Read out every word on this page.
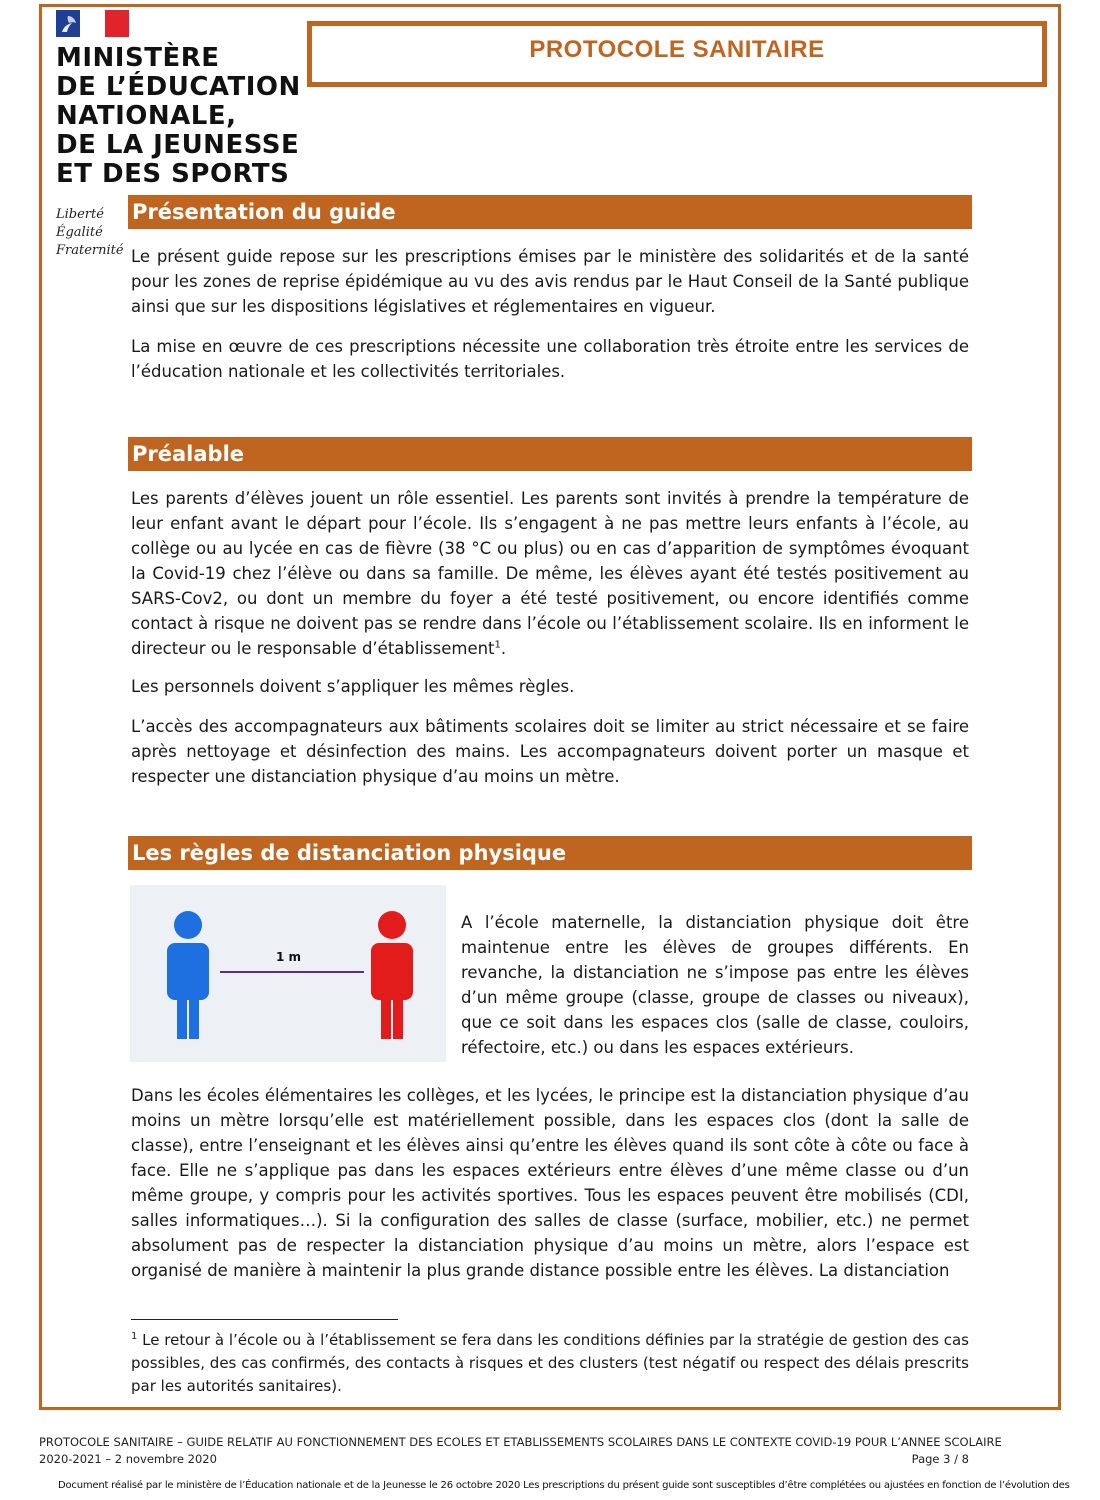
MINISTÈRE
DE L’ÉDUCATION
NATIONALE,
DE LA JEUNESSE
ET DES SPORTS
Liberté
Égalité
Fraternité
PROTOCOLE SANITAIRE
Présentation du guide

Le présent guide repose sur les prescriptions émises par le ministère des solidarités et de la santé pour les zones de reprise épidémique au vu des avis rendus par le Haut Conseil de la Santé publique ainsi que sur les dispositions législatives et réglementaires en vigueur.

La mise en œuvre de ces prescriptions nécessite une collaboration très étroite entre les services de l’éducation nationale et les collectivités territoriales.

Préalable

Les parents d’élèves jouent un rôle essentiel. Les parents sont invités à prendre la température de leur enfant avant le départ pour l’école. Ils s’engagent à ne pas mettre leurs enfants à l’école, au collège ou au lycée en cas de fièvre (38 °C ou plus) ou en cas d’apparition de symptômes évoquant la Covid-19 chez l’élève ou dans sa famille. De même, les élèves ayant été testés positivement au SARS-Cov2, ou dont un membre du foyer a été testé positivement, ou encore identifiés comme contact à risque ne doivent pas se rendre dans l’école ou l’établissement scolaire. Ils en informent le directeur ou le responsable d’établissement$^1$.

Les personnels doivent s’appliquer les mêmes règles.

L’accès des accompagnateurs aux bâtiments scolaires doit se limiter au strict nécessaire et se faire après nettoyage et désinfection des mains. Les accompagnateurs doivent porter un masque et respecter une distanciation physique d’au moins un mètre.

Les règles de distanciation physique
1 m

A l’école maternelle, la distanciation physique doit être maintenue entre les élèves de groupes différents. En revanche, la distanciation ne s’impose pas entre les élèves d’un même groupe (classe, groupe de classes ou niveaux), que ce soit dans les espaces clos (salle de classe, couloirs, réfectoire, etc.) ou dans les espaces extérieurs.

Dans les écoles élémentaires les collèges, et les lycées, le principe est la distanciation physique d’au moins un mètre lorsqu’elle est matériellement possible, dans les espaces clos (dont la salle de classe), entre l’enseignant et les élèves ainsi qu’entre les élèves quand ils sont côte à côte ou face à face. Elle ne s’applique pas dans les espaces extérieurs entre élèves d’une même classe ou d’un même groupe, y compris pour les activités sportives. Tous les espaces peuvent être mobilisés (CDI, salles informatiques…). Si la configuration des salles de classe (surface, mobilier, etc.) ne permet absolument pas de respecter la distanciation physique d’au moins un mètre, alors l’espace est organisé de manière à maintenir la plus grande distance possible entre les élèves. La distanciation

$^1$ Le retour à l’école ou à l’établissement se fera dans les conditions définies par la stratégie de gestion des cas possibles, des cas confirmés, des contacts à risques et des clusters (test négatif ou respect des délais prescrits par les autorités sanitaires).

PROTOCOLE SANITAIRE – GUIDE RELATIF AU FONCTIONNEMENT DES ECOLES ET ETABLISSEMENTS SCOLAIRES DANS LE CONTEXTE COVID-19 POUR L’ANNEE SCOLAIRE
2020-2021 – 2 novembre 2020	Page 3 / 8
Document réalisé par le ministère de l’Éducation nationale et de la Jeunesse le 26 octobre 2020 Les prescriptions du présent guide sont susceptibles d’être complétées ou ajustées en fonction de l’évolution des
